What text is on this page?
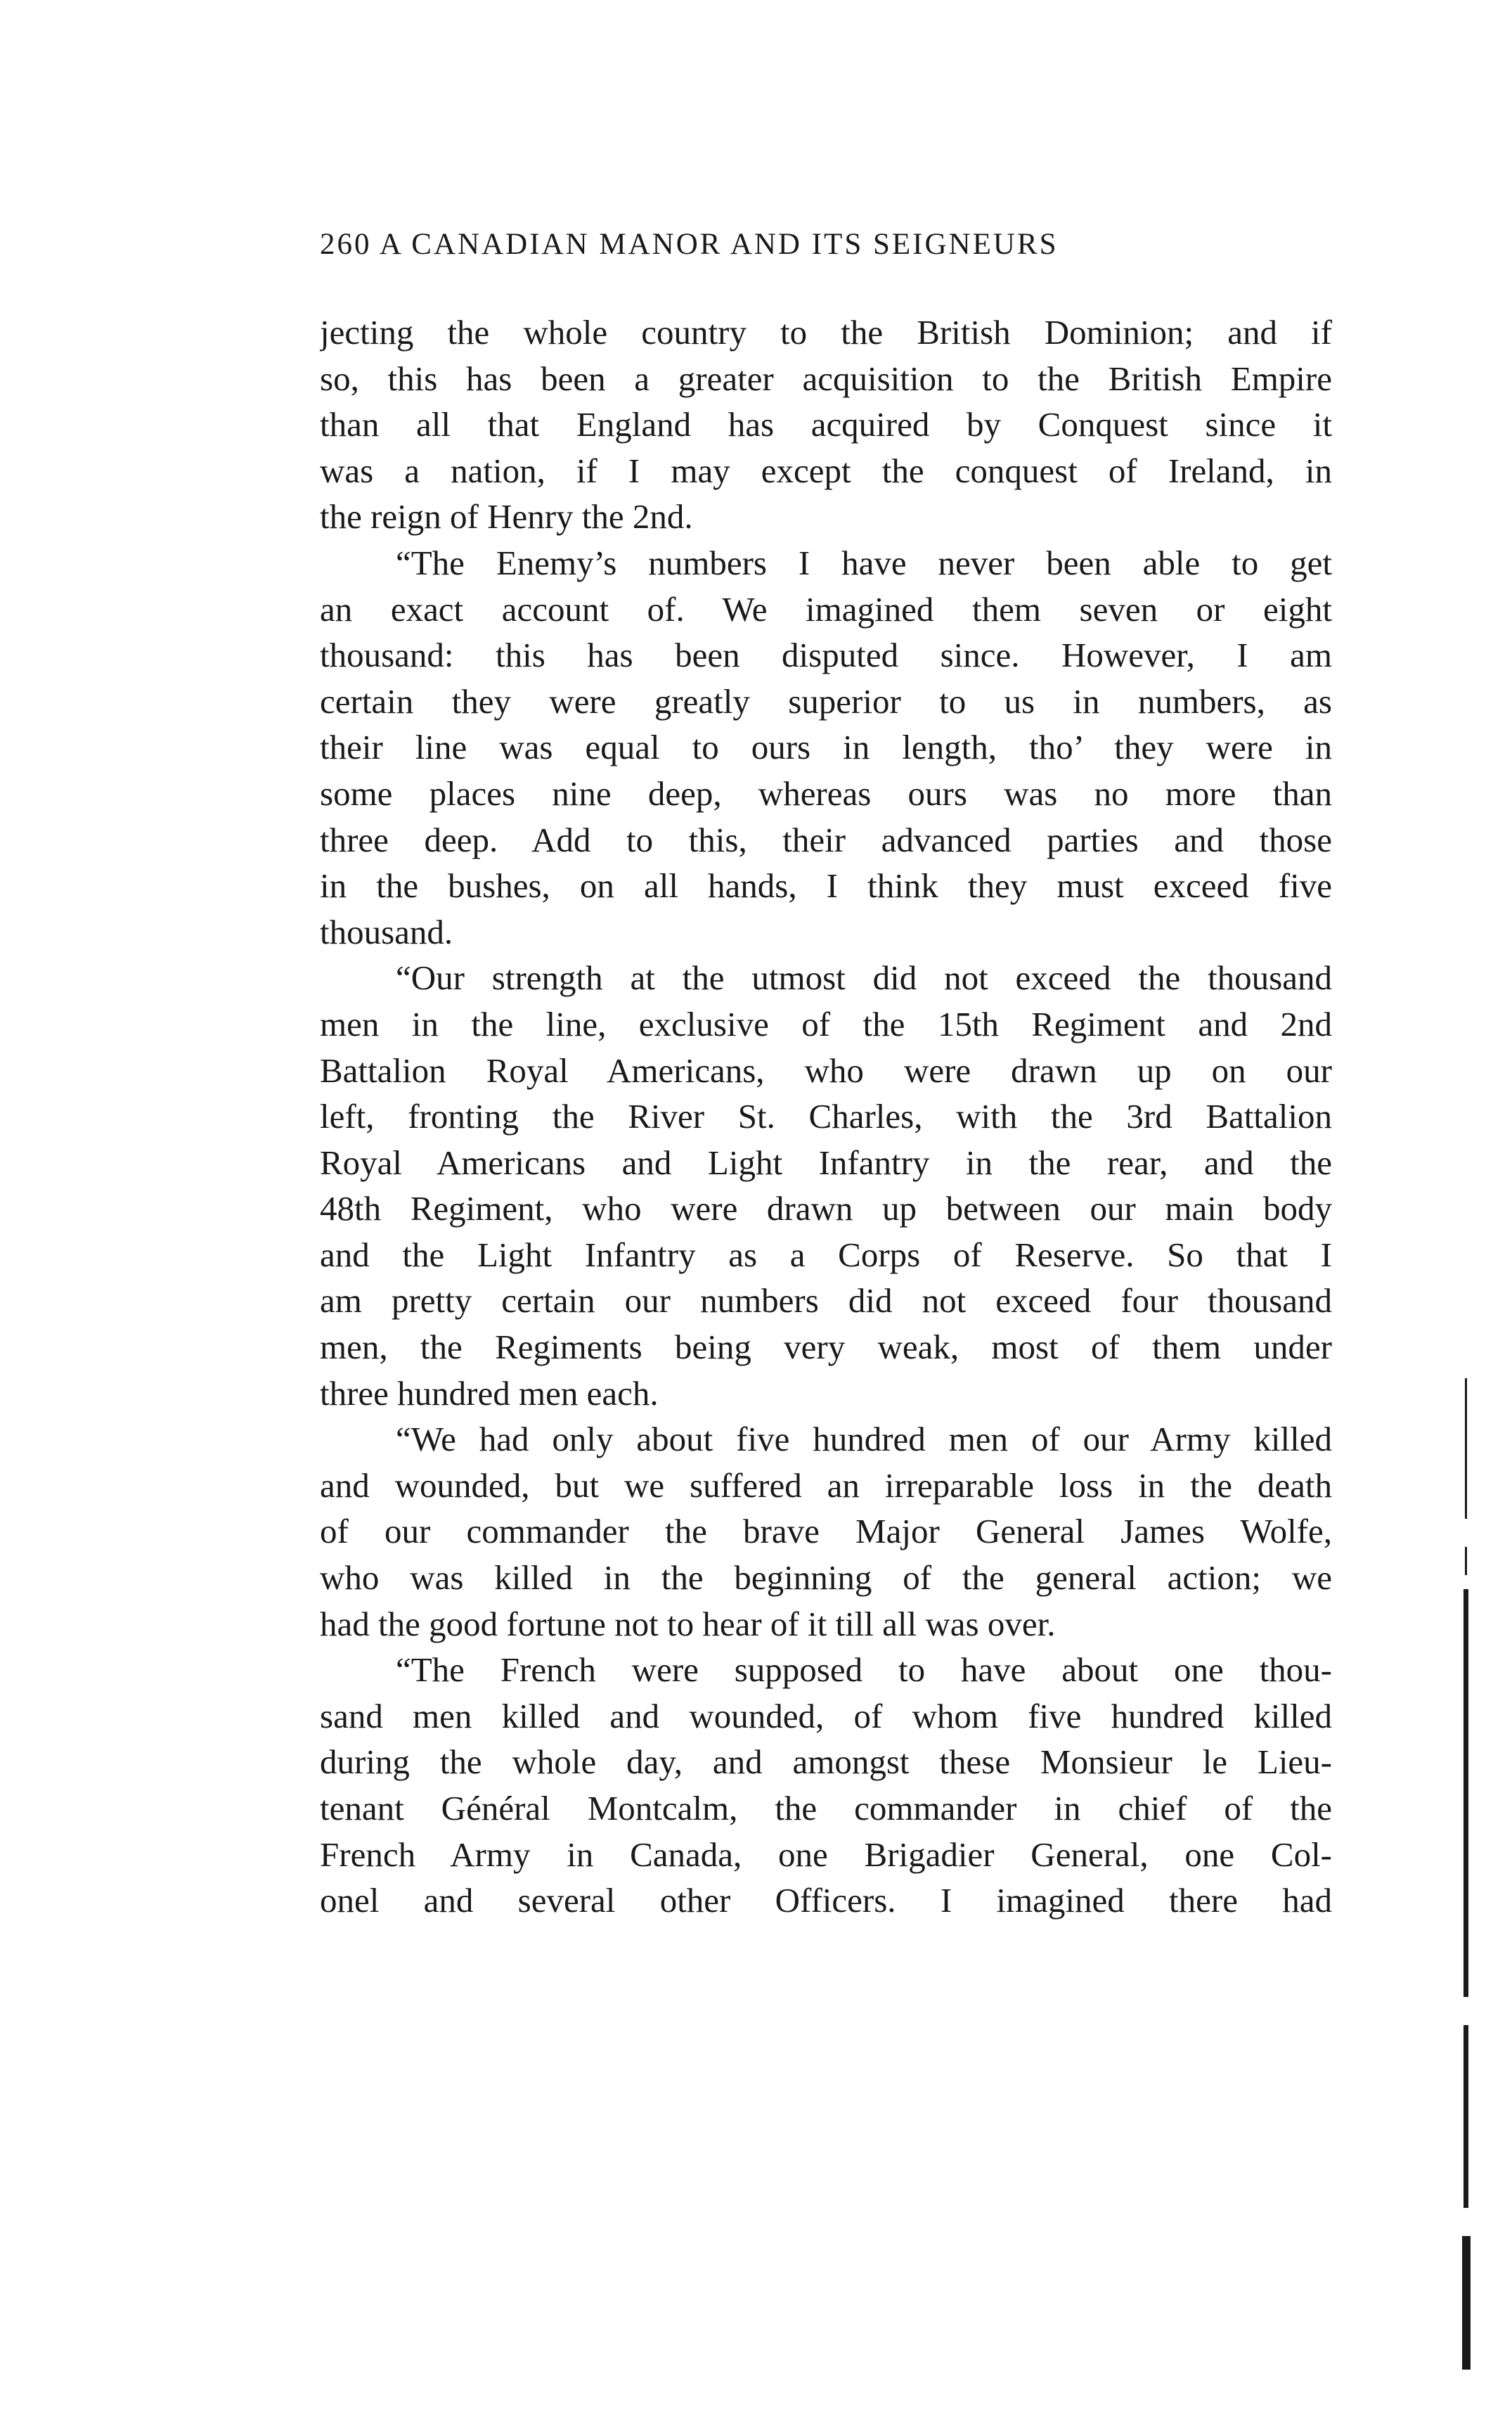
260 A CANADIAN MANOR AND ITS SEIGNEURS
jecting the whole country to the British Dominion; and if
so, this has been a greater acquisition to the British Empire
than all that England has acquired by Conquest since it
was a nation, if I may except the conquest of Ireland, in
the reign of Henry the 2nd.
“The Enemy’s numbers I have never been able to get
an exact account of. We imagined them seven or eight
thousand: this has been disputed since. However, I am
certain they were greatly superior to us in numbers, as
their line was equal to ours in length, tho’ they were in
some places nine deep, whereas ours was no more than
three deep. Add to this, their advanced parties and those
in the bushes, on all hands, I think they must exceed five
thousand.
“Our strength at the utmost did not exceed the thousand
men in the line, exclusive of the 15th Regiment and 2nd
Battalion Royal Americans, who were drawn up on our
left, fronting the River St. Charles, with the 3rd Battalion
Royal Americans and Light Infantry in the rear, and the
48th Regiment, who were drawn up between our main body
and the Light Infantry as a Corps of Reserve. So that I
am pretty certain our numbers did not exceed four thousand
men, the Regiments being very weak, most of them under
three hundred men each.
“We had only about five hundred men of our Army killed
and wounded, but we suffered an irreparable loss in the death
of our commander the brave Major General James Wolfe,
who was killed in the beginning of the general action; we
had the good fortune not to hear of it till all was over.
“The French were supposed to have about one thou-
sand men killed and wounded, of whom five hundred killed
during the whole day, and amongst these Monsieur le Lieu-
tenant Général Montcalm, the commander in chief of the
French Army in Canada, one Brigadier General, one Col-
onel and several other Officers. I imagined there had
